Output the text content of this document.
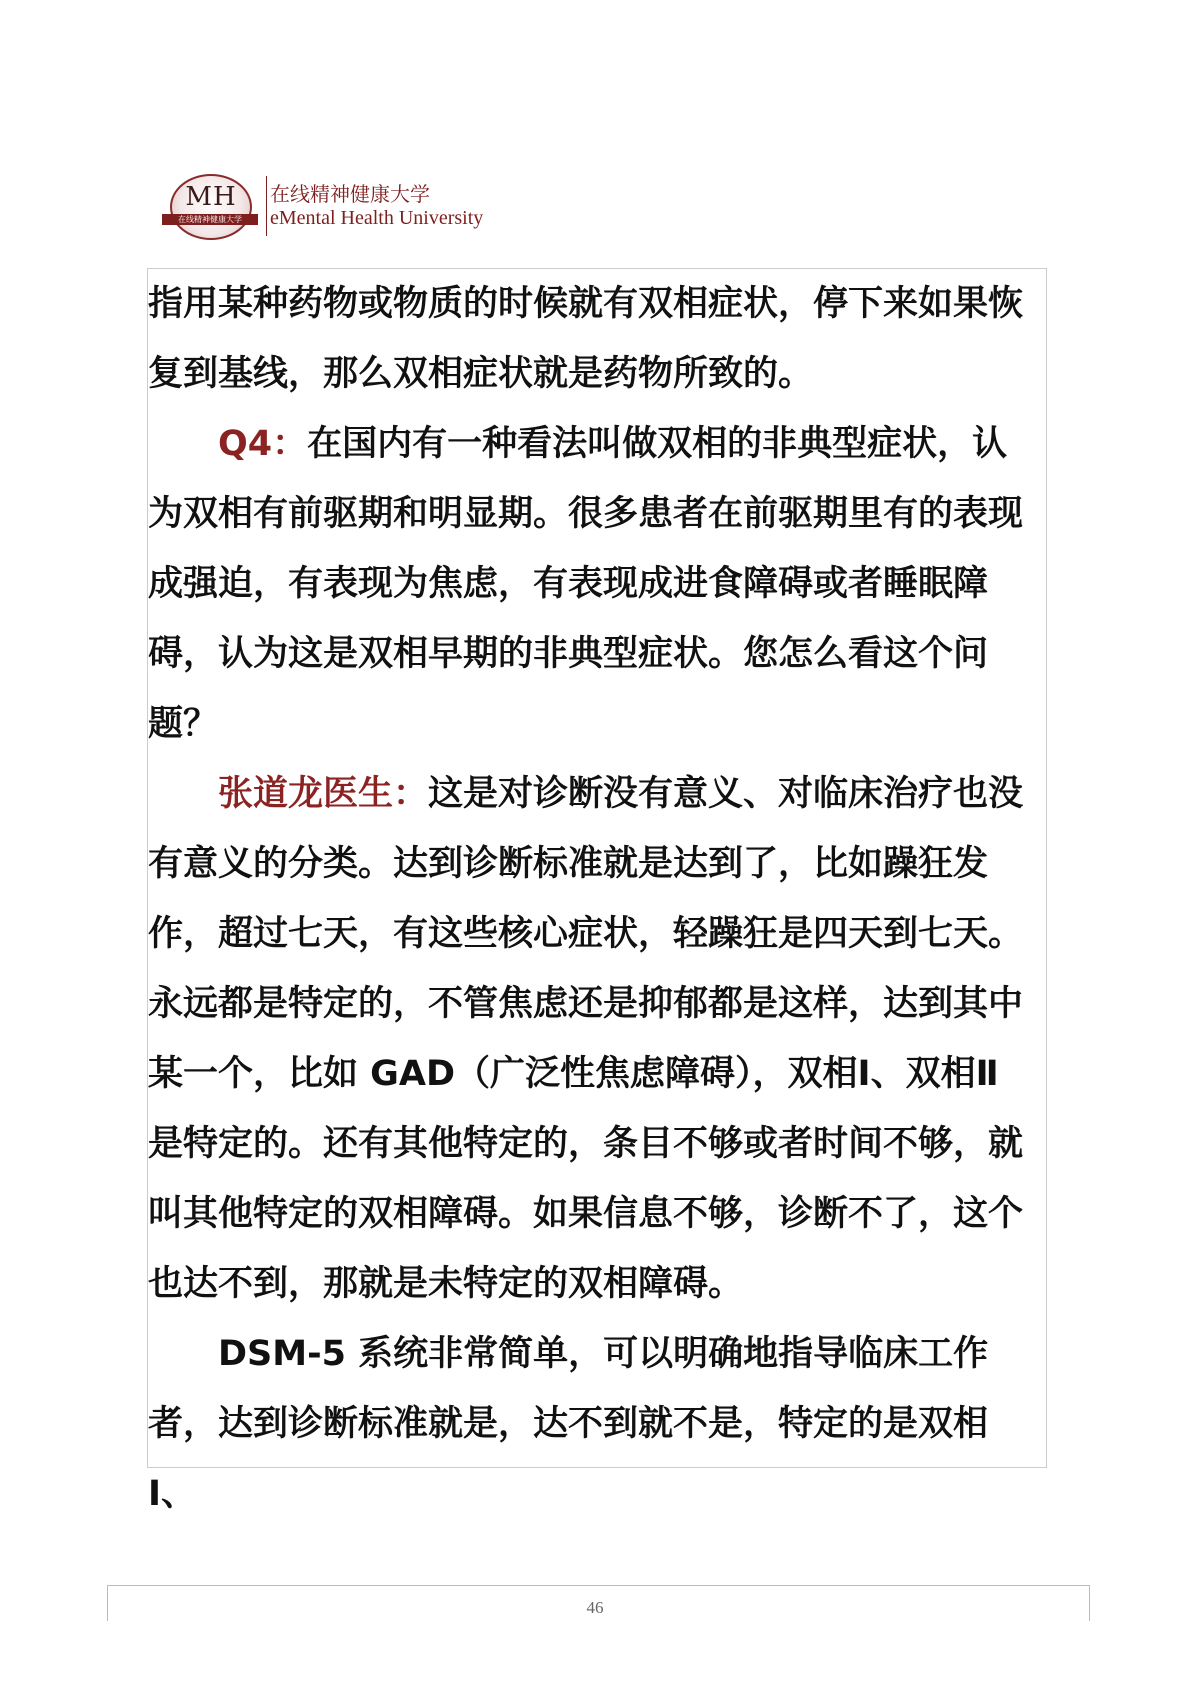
MH
在线精神健康大学
在线精神健康大学
eMental Health University

指用某种药物或物质的时候就有双相症状，停下来如果恢复到基线，那么双相症状就是药物所致的。

Q4：在国内有一种看法叫做双相的非典型症状，认为双相有前驱期和明显期。很多患者在前驱期里有的表现成强迫，有表现为焦虑，有表现成进食障碍或者睡眠障碍，认为这是双相早期的非典型症状。您怎么看这个问题？

张道龙医生：这是对诊断没有意义、对临床治疗也没有意义的分类。达到诊断标准就是达到了，比如躁狂发作，超过七天，有这些核心症状，轻躁狂是四天到七天。永远都是特定的，不管焦虑还是抑郁都是这样，达到其中某一个，比如 GAD（广泛性焦虑障碍），双相Ⅰ、双相Ⅱ是特定的。还有其他特定的，条目不够或者时间不够，就叫其他特定的双相障碍。如果信息不够，诊断不了，这个也达不到，那就是未特定的双相障碍。

DSM-5 系统非常简单，可以明确地指导临床工作者，达到诊断标准就是，达不到就不是，特定的是双相Ⅰ、

46
